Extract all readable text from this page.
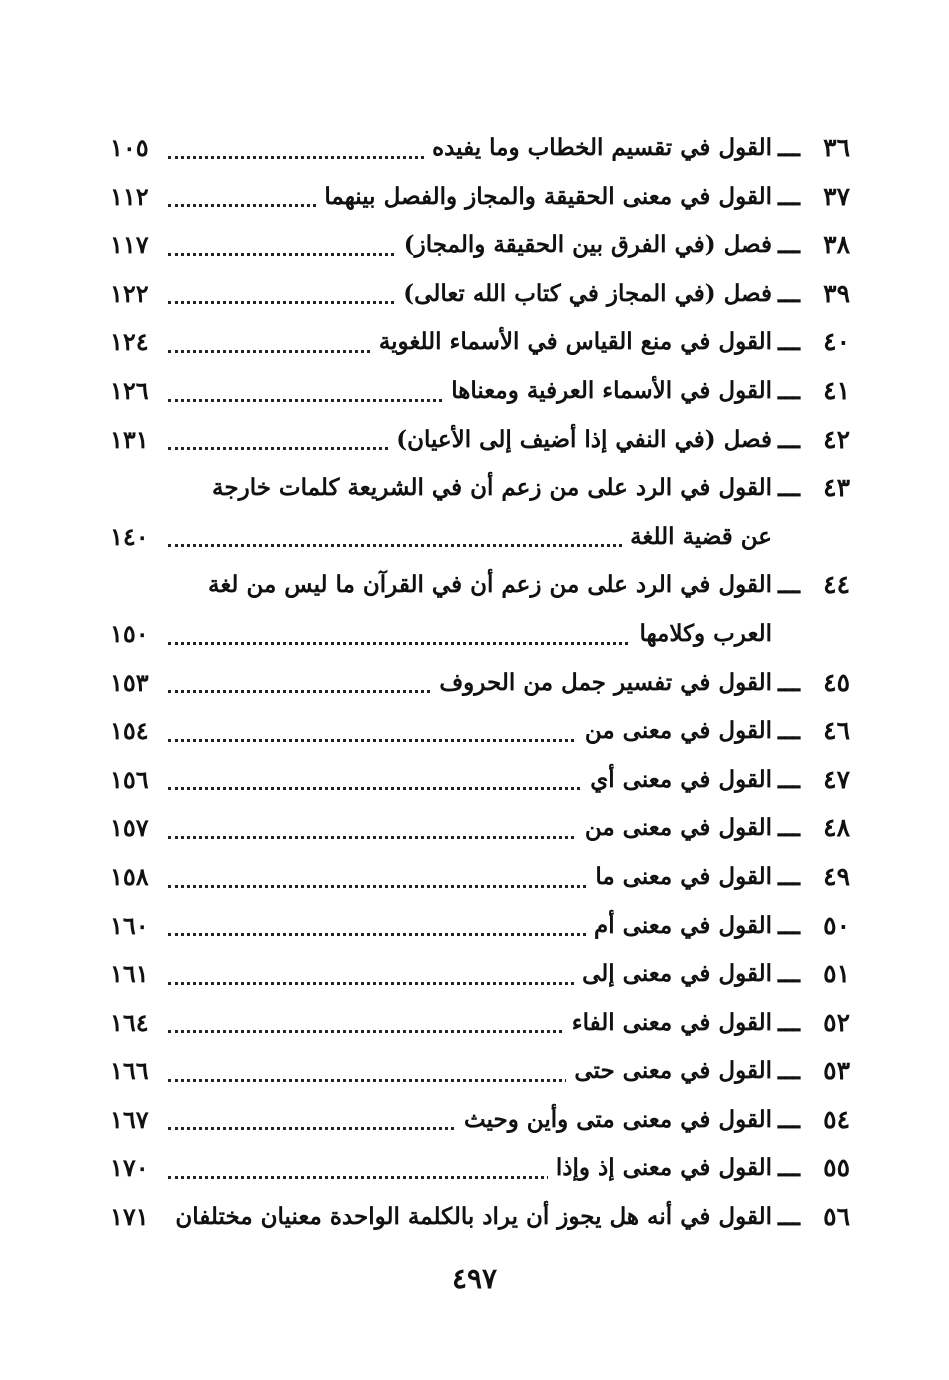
٣٦
ـــ
القول في تقسيم الخطاب وما يفيده
١٠٥
٣٧
ـــ
القول في معنى الحقيقة والمجاز والفصل بينهما
١١٢
٣٨
ـــ
فصل (في الفرق بين الحقيقة والمجاز)
١١٧
٣٩
ـــ
فصل (في المجاز في كتاب الله تعالى)
١٢٢
٤٠
ـــ
القول في منع القياس في الأسماء اللغوية
١٢٤
٤١
ـــ
القول في الأسماء العرفية ومعناها
١٢٦
٤٢
ـــ
فصل (في النفي إذا أضيف إلى الأعيان)
١٣١
٤٣
ـــ
القول في الرد على من زعم أن في الشريعة كلمات خارجة
عن قضية اللغة
١٤٠
٤٤
ـــ
القول في الرد على من زعم أن في القرآن ما ليس من لغة
العرب وكلامها
١٥٠
٤٥
ـــ
القول في تفسير جمل من الحروف
١٥٣
٤٦
ـــ
القول في معنى من
١٥٤
٤٧
ـــ
القول في معنى أي
١٥٦
٤٨
ـــ
القول في معنى من
١٥٧
٤٩
ـــ
القول في معنى ما
١٥٨
٥٠
ـــ
القول في معنى أم
١٦٠
٥١
ـــ
القول في معنى إلى
١٦١
٥٢
ـــ
القول في معنى الفاء
١٦٤
٥٣
ـــ
القول في معنى حتى
١٦٦
٥٤
ـــ
القول في معنى متى وأين وحيث
١٦٧
٥٥
ـــ
القول في معنى إذ وإذا
١٧٠
٥٦
ـــ
القول في أنه هل يجوز أن يراد بالكلمة الواحدة معنيان مختلفان
١٧١
٤٩٧
